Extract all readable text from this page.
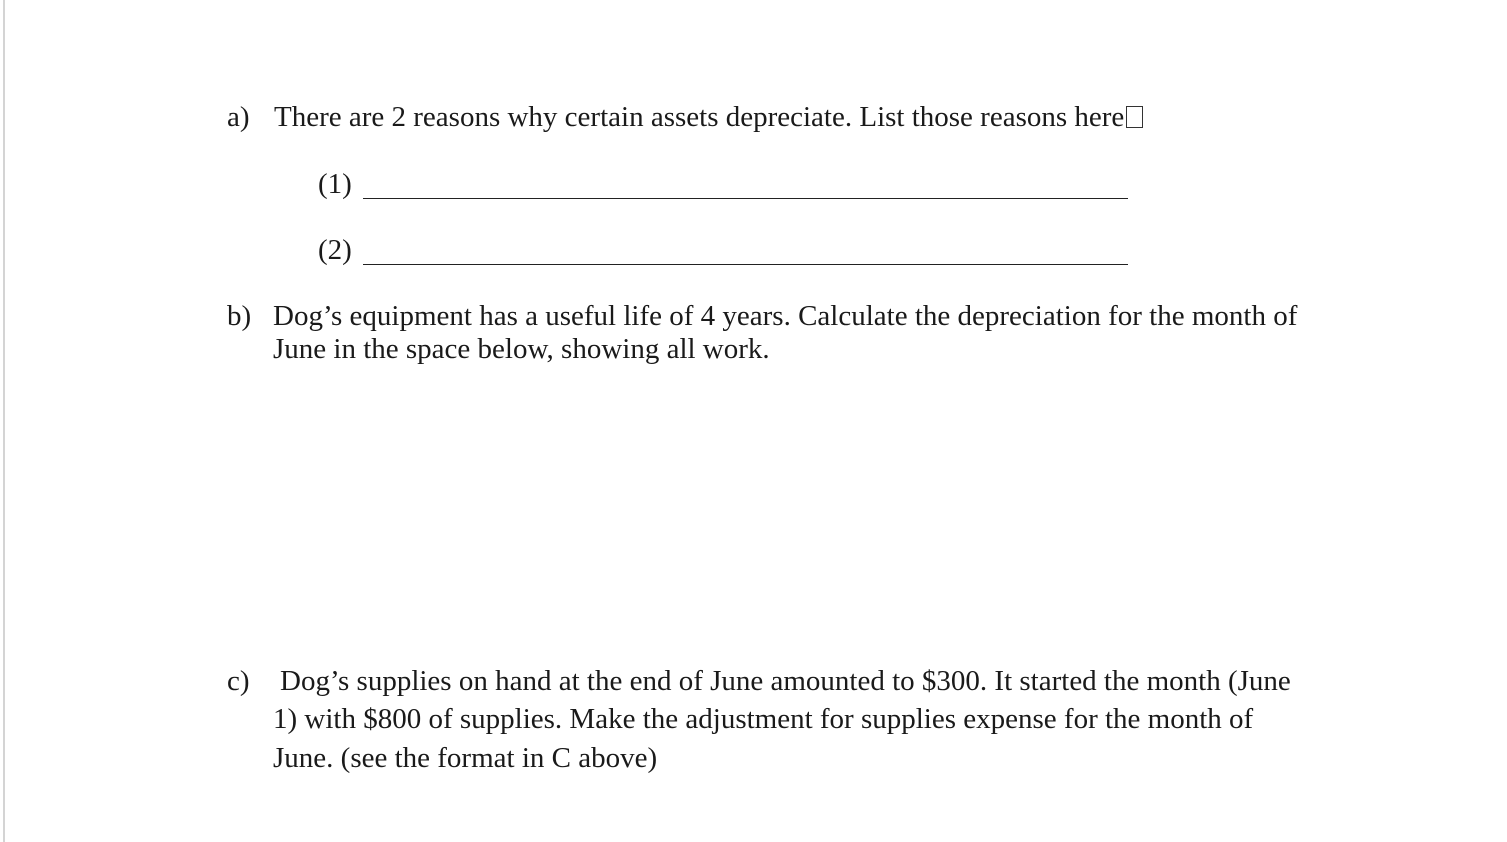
a) There are 2 reasons why certain assets depreciate. List those reasons here
(1)
(2)
b) Dog’s equipment has a useful life of 4 years. Calculate the depreciation for the month of
June in the space below, showing all work.
c) Dog’s supplies on hand at the end of June amounted to $300. It started the month (June
1) with $800 of supplies. Make the adjustment for supplies expense for the month of
June. (see the format in C above)
